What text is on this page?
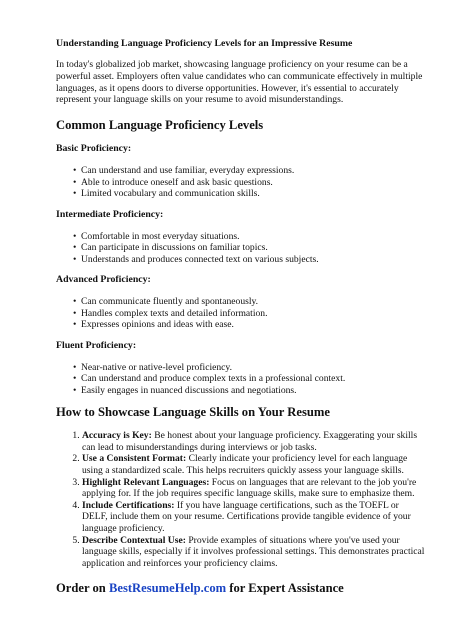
Understanding Language Proficiency Levels for an Impressive Resume

In today's globalized job market, showcasing language proficiency on your resume can be a powerful asset. Employers often value candidates who can communicate effectively in multiple languages, as it opens doors to diverse opportunities. However, it's essential to accurately represent your language skills on your resume to avoid misunderstandings.

Common Language Proficiency Levels
Basic Proficiency:
• Can understand and use familiar, everyday expressions.
• Able to introduce oneself and ask basic questions.
• Limited vocabulary and communication skills.
Intermediate Proficiency:
• Comfortable in most everyday situations.
• Can participate in discussions on familiar topics.
• Understands and produces connected text on various subjects.
Advanced Proficiency:
• Can communicate fluently and spontaneously.
• Handles complex texts and detailed information.
• Expresses opinions and ideas with ease.
Fluent Proficiency:
• Near-native or native-level proficiency.
• Can understand and produce complex texts in a professional context.
• Easily engages in nuanced discussions and negotiations.
How to Showcase Language Skills on Your Resume
1. Accuracy is Key: Be honest about your language proficiency. Exaggerating your skills can lead to misunderstandings during interviews or job tasks.
2. Use a Consistent Format: Clearly indicate your proficiency level for each language using a standardized scale. This helps recruiters quickly assess your language skills.
3. Highlight Relevant Languages: Focus on languages that are relevant to the job you're applying for. If the job requires specific language skills, make sure to emphasize them.
4. Include Certifications: If you have language certifications, such as the TOEFL or DELF, include them on your resume. Certifications provide tangible evidence of your language proficiency.
5. Describe Contextual Use: Provide examples of situations where you've used your language skills, especially if it involves professional settings. This demonstrates practical application and reinforces your proficiency claims.
Order on BestResumeHelp.com for Expert Assistance
